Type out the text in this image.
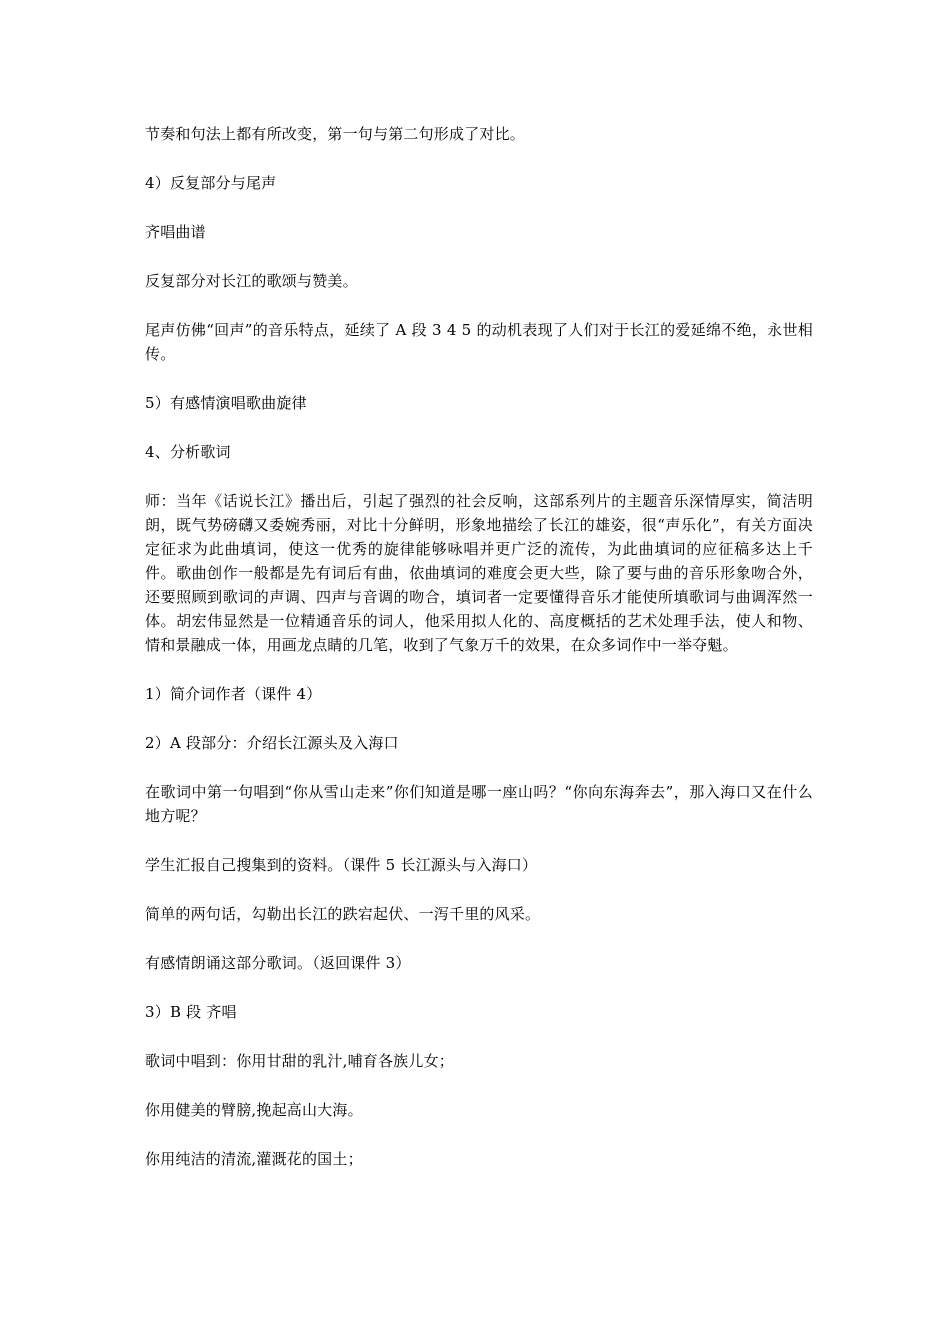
节奏和句法上都有所改变，第一句与第二句形成了对比。

4）反复部分与尾声

齐唱曲谱

反复部分对长江的歌颂与赞美。

尾声仿佛“回声”的音乐特点，延续了 A 段 3 4 5 的动机表现了人们对于长江的爱延绵不绝，永世相传。

5）有感情演唱歌曲旋律

4、分析歌词

师：当年《话说长江》播出后，引起了强烈的社会反响，这部系列片的主题音乐深情厚实，简洁明朗，既气势磅礴又委婉秀丽，对比十分鲜明，形象地描绘了长江的雄姿，很“声乐化”，有关方面决定征求为此曲填词，使这一优秀的旋律能够咏唱并更广泛的流传，为此曲填词的应征稿多达上千件。歌曲创作一般都是先有词后有曲，依曲填词的难度会更大些，除了要与曲的音乐形象吻合外，还要照顾到歌词的声调、四声与音调的吻合，填词者一定要懂得音乐才能使所填歌词与曲调浑然一体。胡宏伟显然是一位精通音乐的词人，他采用拟人化的、高度概括的艺术处理手法，使人和物、情和景融成一体，用画龙点睛的几笔，收到了气象万千的效果，在众多词作中一举夺魁。

1）简介词作者（课件 4）

2）A 段部分：介绍长江源头及入海口

在歌词中第一句唱到“你从雪山走来”你们知道是哪一座山吗？“你向东海奔去”，那入海口又在什么地方呢？

学生汇报自己搜集到的资料。（课件 5 长江源头与入海口）

简单的两句话，勾勒出长江的跌宕起伏、一泻千里的风采。

有感情朗诵这部分歌词。（返回课件 3）

3）B 段 齐唱

歌词中唱到：你用甘甜的乳汁,哺育各族儿女；

你用健美的臂膀,挽起高山大海。

你用纯洁的清流,灌溉花的国土；
